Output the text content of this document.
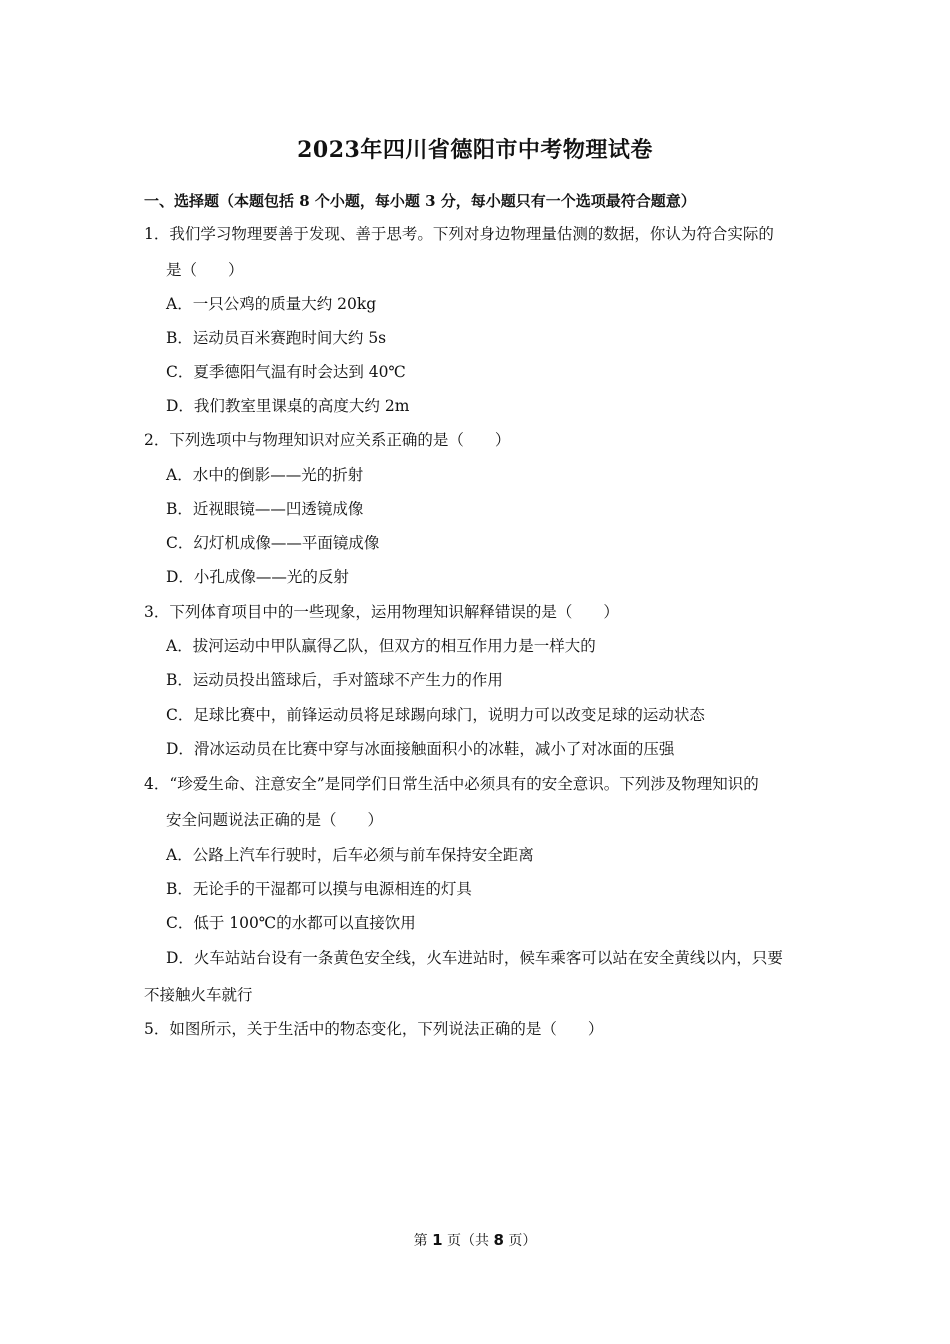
2023年四川省德阳市中考物理试卷
一、选择题（本题包括 8 个小题，每小题 3 分，每小题只有一个选项最符合题意）
1．我们学习物理要善于发现、善于思考。下列对身边物理量估测的数据，你认为符合实际的
是（　　）
A．一只公鸡的质量大约 20kg
B．运动员百米赛跑时间大约 5s
C．夏季德阳气温有时会达到 40℃
D．我们教室里课桌的高度大约 2m
2．下列选项中与物理知识对应关系正确的是（　　）
A．水中的倒影——光的折射
B．近视眼镜——凹透镜成像
C．幻灯机成像——平面镜成像
D．小孔成像——光的反射
3．下列体育项目中的一些现象，运用物理知识解释错误的是（　　）
A．拔河运动中甲队赢得乙队，但双方的相互作用力是一样大的
B．运动员投出篮球后，手对篮球不产生力的作用
C．足球比赛中，前锋运动员将足球踢向球门，说明力可以改变足球的运动状态
D．滑冰运动员在比赛中穿与冰面接触面积小的冰鞋，减小了对冰面的压强
4．“珍爱生命、注意安全”是同学们日常生活中必须具有的安全意识。下列涉及物理知识的
安全问题说法正确的是（　　）
A．公路上汽车行驶时，后车必须与前车保持安全距离
B．无论手的干湿都可以摸与电源相连的灯具
C．低于 100℃的水都可以直接饮用
D．火车站站台设有一条黄色安全线，火车进站时，候车乘客可以站在安全黄线以内，只要
不接触火车就行
5．如图所示，关于生活中的物态变化，下列说法正确的是（　　）
第 1 页（共 8 页）
